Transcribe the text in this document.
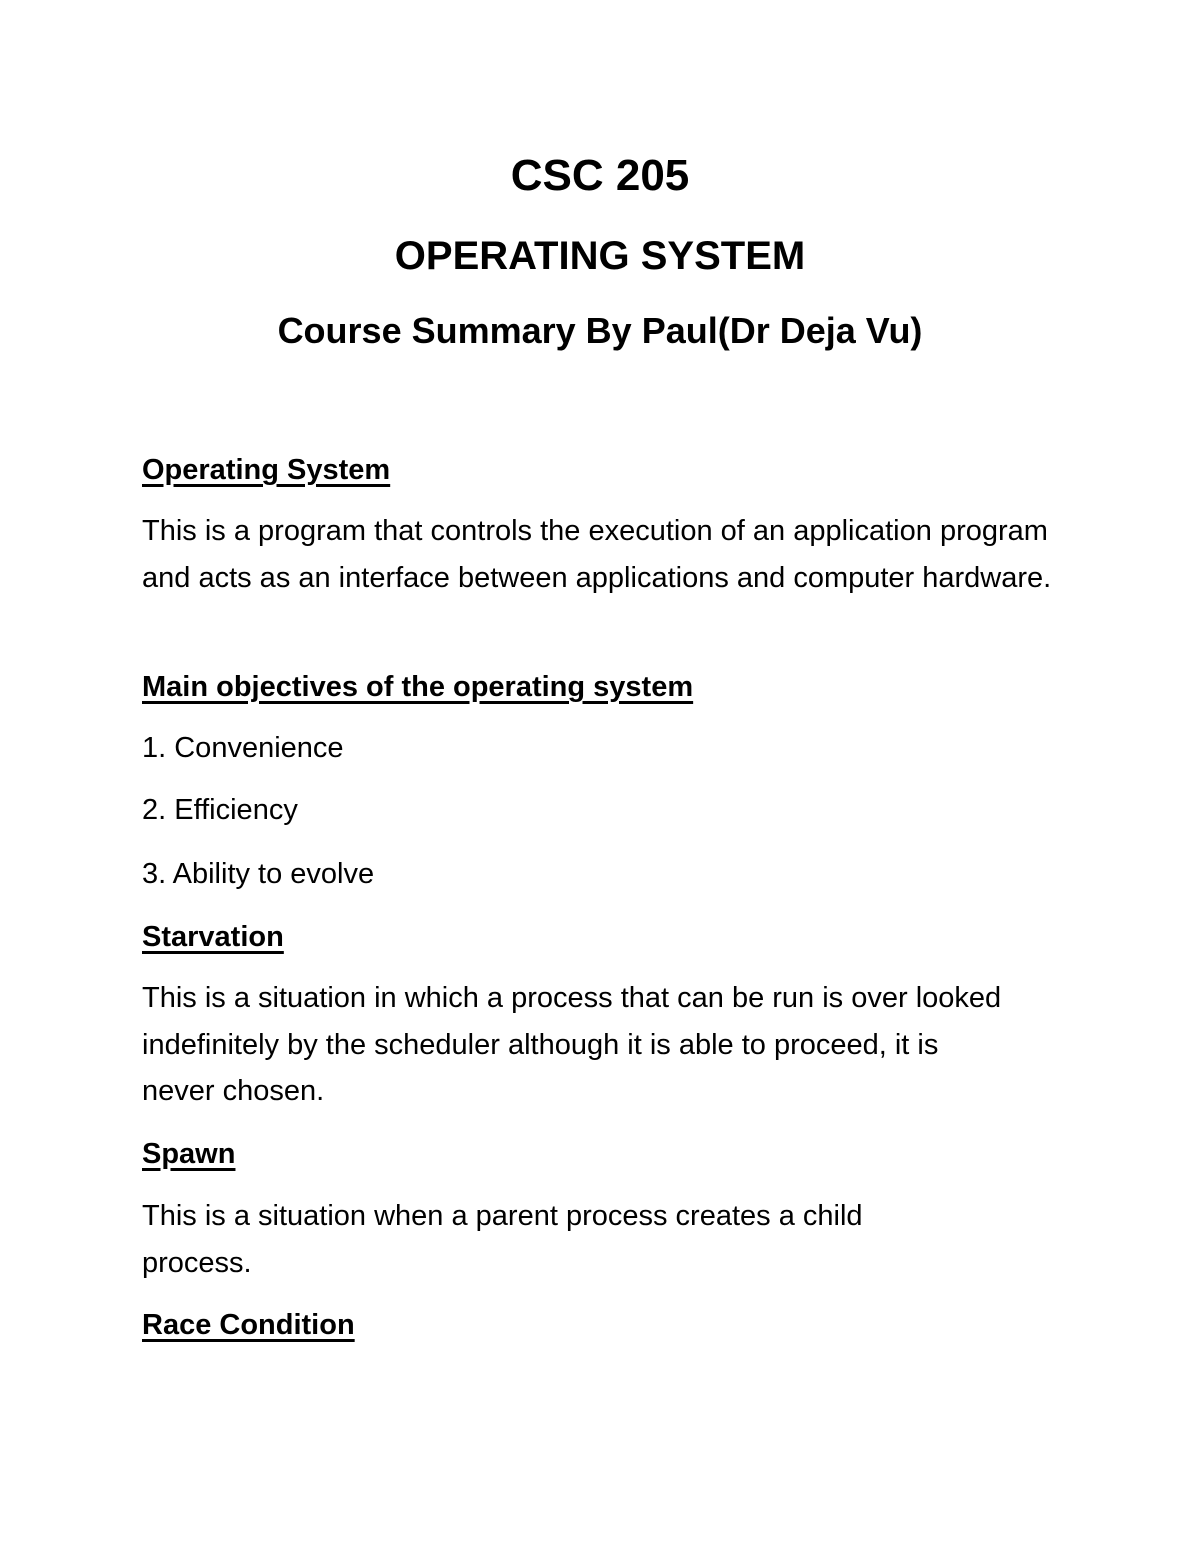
CSC 205
OPERATING SYSTEM
Course Summary By Paul(Dr Deja Vu)
Operating System

This is a program that controls the execution of an application program and acts as an interface between applications and computer hardware.

Main objectives of the operating system
1. Convenience
2. Efficiency
3. Ability to evolve
Starvation

This is a situation in which a process that can be run is over looked indefinitely by the scheduler although it is able to proceed, it is never chosen.

Spawn

This is a situation when a parent process creates a child process.

Race Condition
